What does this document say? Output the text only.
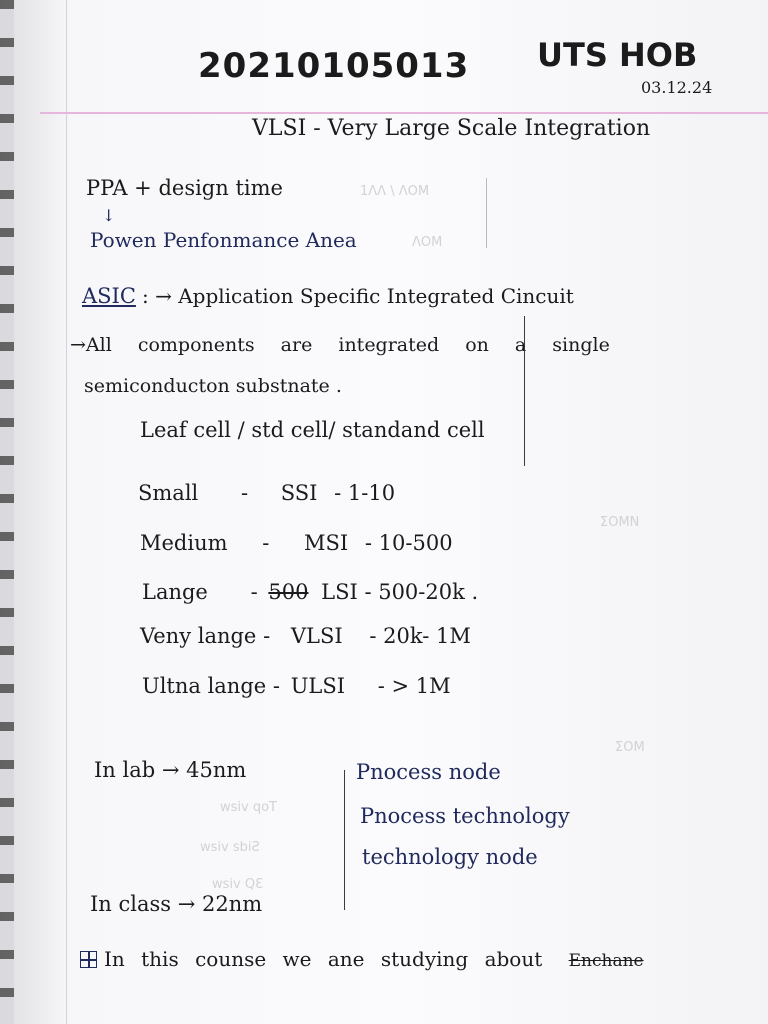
1ΛΛ \ ΛΟΜ
ΛΟΜ
ΣΟΜΝ
ΣΟΜ
wsiv qoT
wsiv sbiƧ
wsiv QƐ
20210105013 UTS HOB
03.12.24
VLSI - Very Large Scale Integration
PPA + design time
↓
Powen Penfonmance Anea
ASIC : → Application Specific Integrated Cincuit
→All components are integrated on a single
semiconducton substnate .
Leaf cell / std cell/ standand cell
Small - SSI - 1-10
Medium - MSI - 10-500
Lange - 500 LSI - 500-20k .
Veny lange - VLSI - 20k- 1M
Ultna lange - ULSI - > 1M
In lab → 45nm	Pnocess node
Pnocess technology
technology node
In class → 22nm
In this counse we ane studying about Enchane
